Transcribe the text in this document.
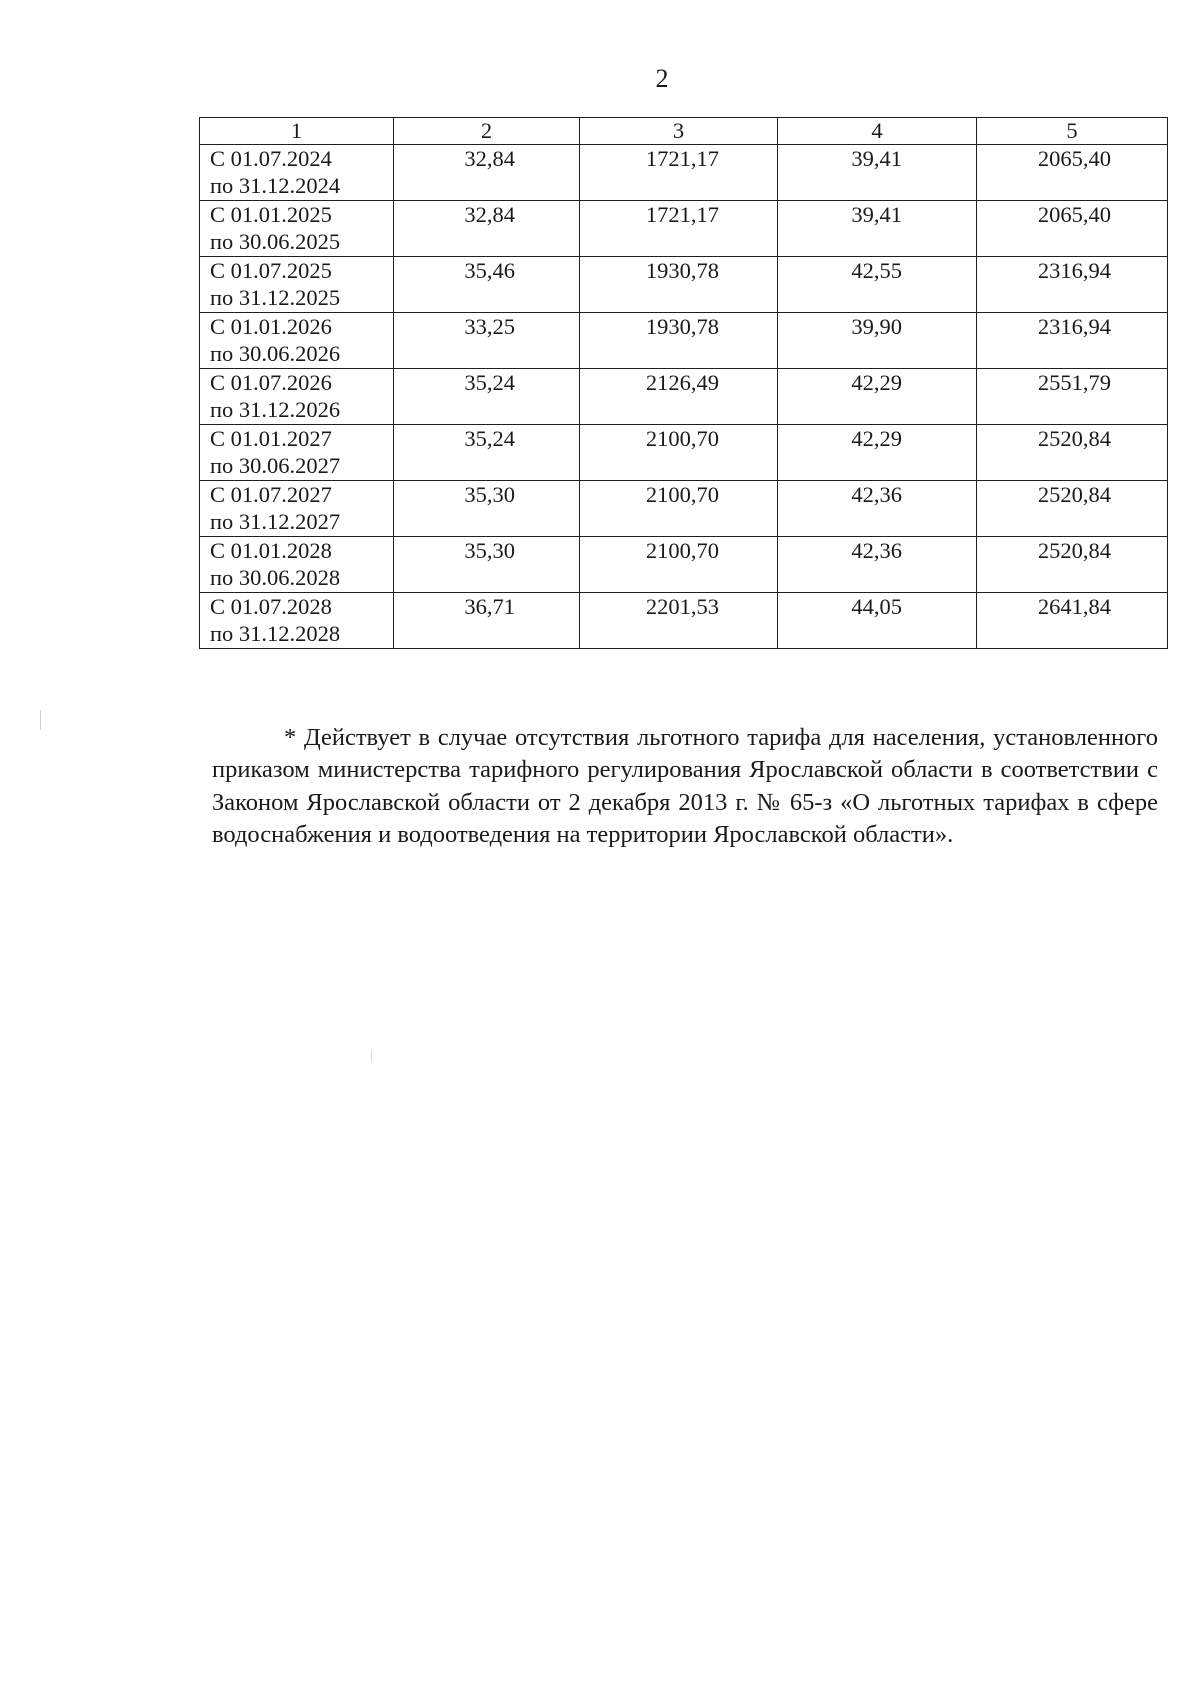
2
1	2	3	4	5

С 01.07.2024
по 31.12.2024	32,84	1721,17	39,41	2065,40

С 01.01.2025
по 30.06.2025	32,84	1721,17	39,41	2065,40

С 01.07.2025
по 31.12.2025	35,46	1930,78	42,55	2316,94

С 01.01.2026
по 30.06.2026	33,25	1930,78	39,90	2316,94

С 01.07.2026
по 31.12.2026	35,24	2126,49	42,29	2551,79

С 01.01.2027
по 30.06.2027	35,24	2100,70	42,29	2520,84

С 01.07.2027
по 31.12.2027	35,30	2100,70	42,36	2520,84

С 01.01.2028
по 30.06.2028	35,30	2100,70	42,36	2520,84

С 01.07.2028
по 31.12.2028	36,71	2201,53	44,05	2641,84

* Действует в случае отсутствия льготного тарифа для населения, установленного приказом министерства тарифного регулирования Ярославской области в соответствии с Законом Ярославской области от 2 декабря 2013 г. № 65-з «О льготных тарифах в сфере водоснабжения и водоотведения на территории Ярославской области».
